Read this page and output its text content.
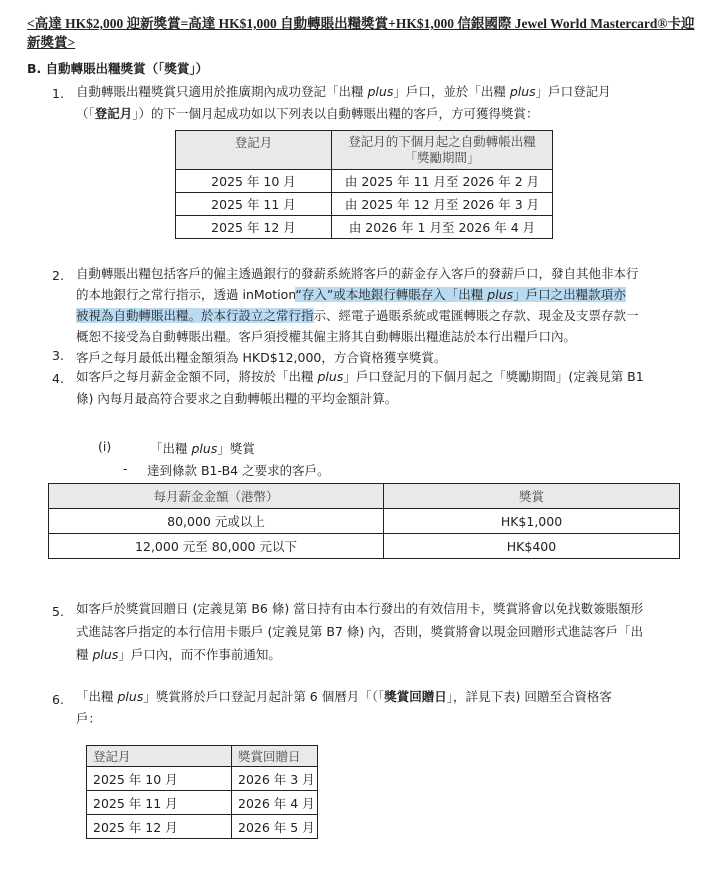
<高達 HK$2,000 迎新獎賞=高達 HK$1,000 自動轉賬出糧獎賞+HK$1,000 信銀國際 Jewel World Mastercard®卡迎新獎賞>
B. 自動轉賬出糧獎賞（「獎賞」）
1. 自動轉賬出糧獎賞只適用於推廣期內成功登記「出糧 plus」戶口，並於「出糧 plus」戶口登記月
（「登記月」）的下一個月起成功如以下列表以自動轉賬出糧的客戶，方可獲得獎賞：
登記月	登記月的下個月起之自動轉帳出糧
「獎勵期間」
2025 年 10 月	由 2025 年 11 月至 2026 年 2 月
2025 年 11 月	由 2025 年 12 月至 2026 年 3 月
2025 年 12 月	由 2026 年 1 月至 2026 年 4 月
2. 自動轉賬出糧包括客戶的僱主透過銀行的發薪系統將客戶的薪金存入客戶的發薪戶口，發自其他非本行
的本地銀行之常行指示，透過 inMotion“存入”或本地銀行轉賬存入「出糧 plus」戶口之出糧款項亦
被視為自動轉賬出糧。於本行設立之常行指示、經電子過賬系統或電匯轉賬之存款、現金及支票存款一
概恕不接受為自動轉賬出糧。客戶須授權其僱主將其自動轉賬出糧進誌於本行出糧戶口內。
3. 客戶之每月最低出糧金額須為 HKD$12,000，方合資格獲享獎賞。
4. 如客戶之每月薪金金額不同，將按於「出糧 plus」戶口登記月的下個月起之「獎勵期間」(定義見第 B1
條) 內每月最高符合要求之自動轉帳出糧的平均金額計算。
(i)	「出糧 plus」獎賞
- 達到條款 B1-B4 之要求的客戶。
每月薪金金額（港幣）	獎賞
80,000 元或以上	HK$1,000
12,000 元至 80,000 元以下	HK$400
5. 如客戶於獎賞回贈日 (定義見第 B6 條) 當日持有由本行發出的有效信用卡，獎賞將會以免找數簽賬額形
式進誌客戶指定的本行信用卡賬戶 (定義見第 B7 條) 內，否則，獎賞將會以現金回贈形式進誌客戶「出
糧 plus」戶口內，而不作事前通知。
6. 「出糧 plus」獎賞將於戶口登記月起計第 6 個曆月「（「獎賞回贈日」，詳見下表) 回贈至合資格客
戶：
登記月	獎賞回贈日
2025 年 10 月	2026 年 3 月
2025 年 11 月	2026 年 4 月
2025 年 12 月	2026 年 5 月
